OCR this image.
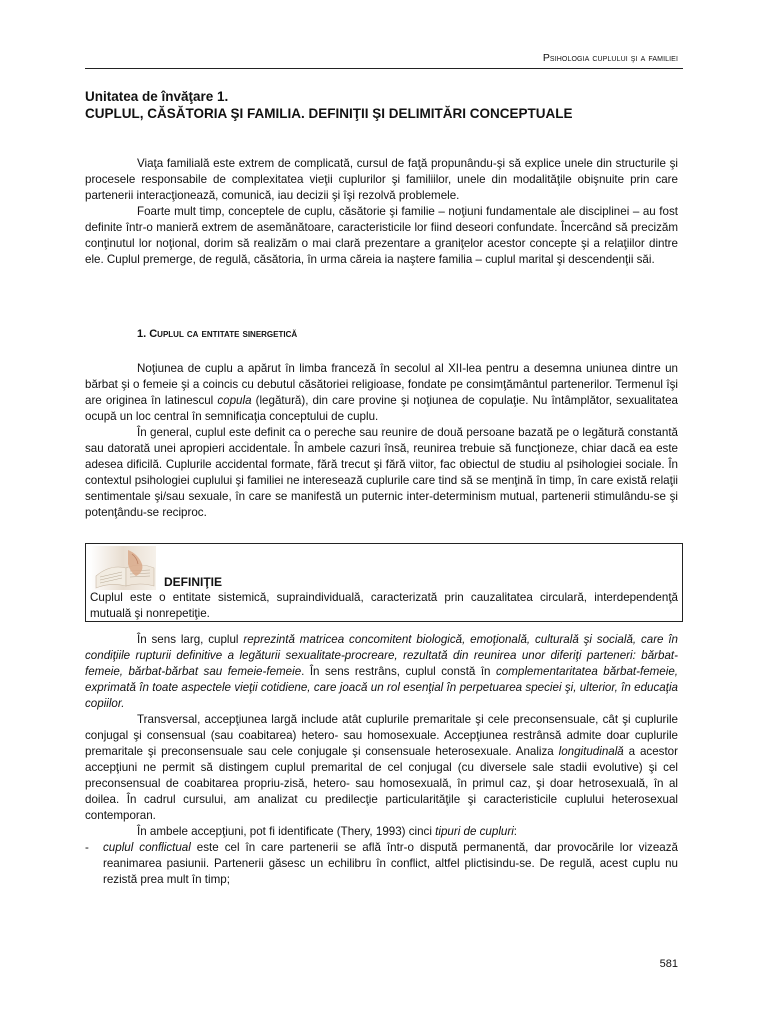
Psihologia cuplului şi a familiei
Unitatea de învăţare 1.
CUPLUL, CĂSĂTORIA ŞI FAMILIA. DEFINIŢII ŞI DELIMITĂRI CONCEPTUALE

Viaţa familială este extrem de complicată, cursul de faţă propunându-şi să explice unele din structurile şi procesele responsabile de complexitatea vieţii cuplurilor şi familiilor, unele din modalităţile obişnuite prin care partenerii interacţionează, comunică, iau decizii şi îşi rezolvă problemele.

Foarte mult timp, conceptele de cuplu, căsătorie şi familie – noţiuni fundamentale ale disciplinei – au fost definite într-o manieră extrem de asemănătoare, caracteristicile lor fiind deseori confundate. Încercând să precizăm conţinutul lor noţional, dorim să realizăm o mai clară prezentare a graniţelor acestor concepte şi a relaţiilor dintre ele. Cuplul premerge, de regulă, căsătoria, în urma căreia ia naştere familia – cuplul marital şi descendenţii săi.

1. Cuplul ca entitate sinergetică

Noţiunea de cuplu a apărut în limba franceză în secolul al XII-lea pentru a desemna uniunea dintre un bărbat şi o femeie şi a coincis cu debutul căsătoriei religioase, fondate pe consimţământul partenerilor. Termenul îşi are originea în latinescul copula (legătură), din care provine şi noţiunea de copulaţie. Nu întâmplător, sexualitatea ocupă un loc central în semnificaţia conceptului de cuplu.

În general, cuplul este definit ca o pereche sau reunire de două persoane bazată pe o legătură constantă sau datorată unei apropieri accidentale. În ambele cazuri însă, reunirea trebuie să funcţioneze, chiar dacă ea este adesea dificilă. Cuplurile accidental formate, fără trecut şi fără viitor, fac obiectul de studiu al psihologiei sociale. În contextul psihologiei cuplului şi familiei ne interesează cuplurile care tind să se menţină în timp, în care există relaţii sentimentale şi/sau sexuale, în care se manifestă un puternic inter-determinism mutual, partenerii stimulându-se şi potenţându-se reciproc.

DEFINIŢIE
Cuplul este o entitate sistemică, supraindividuală, caracterizată prin cauzalitatea circulară, interdependenţă mutuală şi nonrepetiţie.

În sens larg, cuplul reprezintă matricea concomitent biologică, emoţională, culturală şi socială, care în condiţiile rupturii definitive a legăturii sexualitate-procreare, rezultată din reunirea unor diferiţi parteneri: bărbat-femeie, bărbat-bărbat sau femeie-femeie. În sens restrâns, cuplul constă în complementaritatea bărbat-femeie, exprimată în toate aspectele vieţii cotidiene, care joacă un rol esenţial în perpetuarea speciei şi, ulterior, în educaţia copiilor.

Transversal, accepţiunea largă include atât cuplurile premaritale şi cele preconsensuale, cât şi cuplurile conjugal şi consensual (sau coabitarea) hetero- sau homosexuale. Accepţiunea restrânsă admite doar cuplurile premaritale şi preconsensuale sau cele conjugale şi consensuale heterosexuale. Analiza longitudinală a acestor accepţiuni ne permit să distingem cuplul premarital de cel conjugal (cu diversele sale stadii evolutive) şi cel preconsensual de coabitarea propriu-zisă, hetero- sau homosexuală, în primul caz, şi doar hetrosexuală, în al doilea. În cadrul cursului, am analizat cu predilecţie particularităţile şi caracteristicile cuplului heterosexual contemporan.

În ambele accepţiuni, pot fi identificate (Thery, 1993) cinci tipuri de cupluri:

- cuplul conflictual este cel în care partenerii se află într-o dispută permanentă, dar provocările lor vizează reanimarea pasiunii. Partenerii găsesc un echilibru în conflict, altfel plictisindu-se. De regulă, acest cuplu nu rezistă prea mult în timp;

581
